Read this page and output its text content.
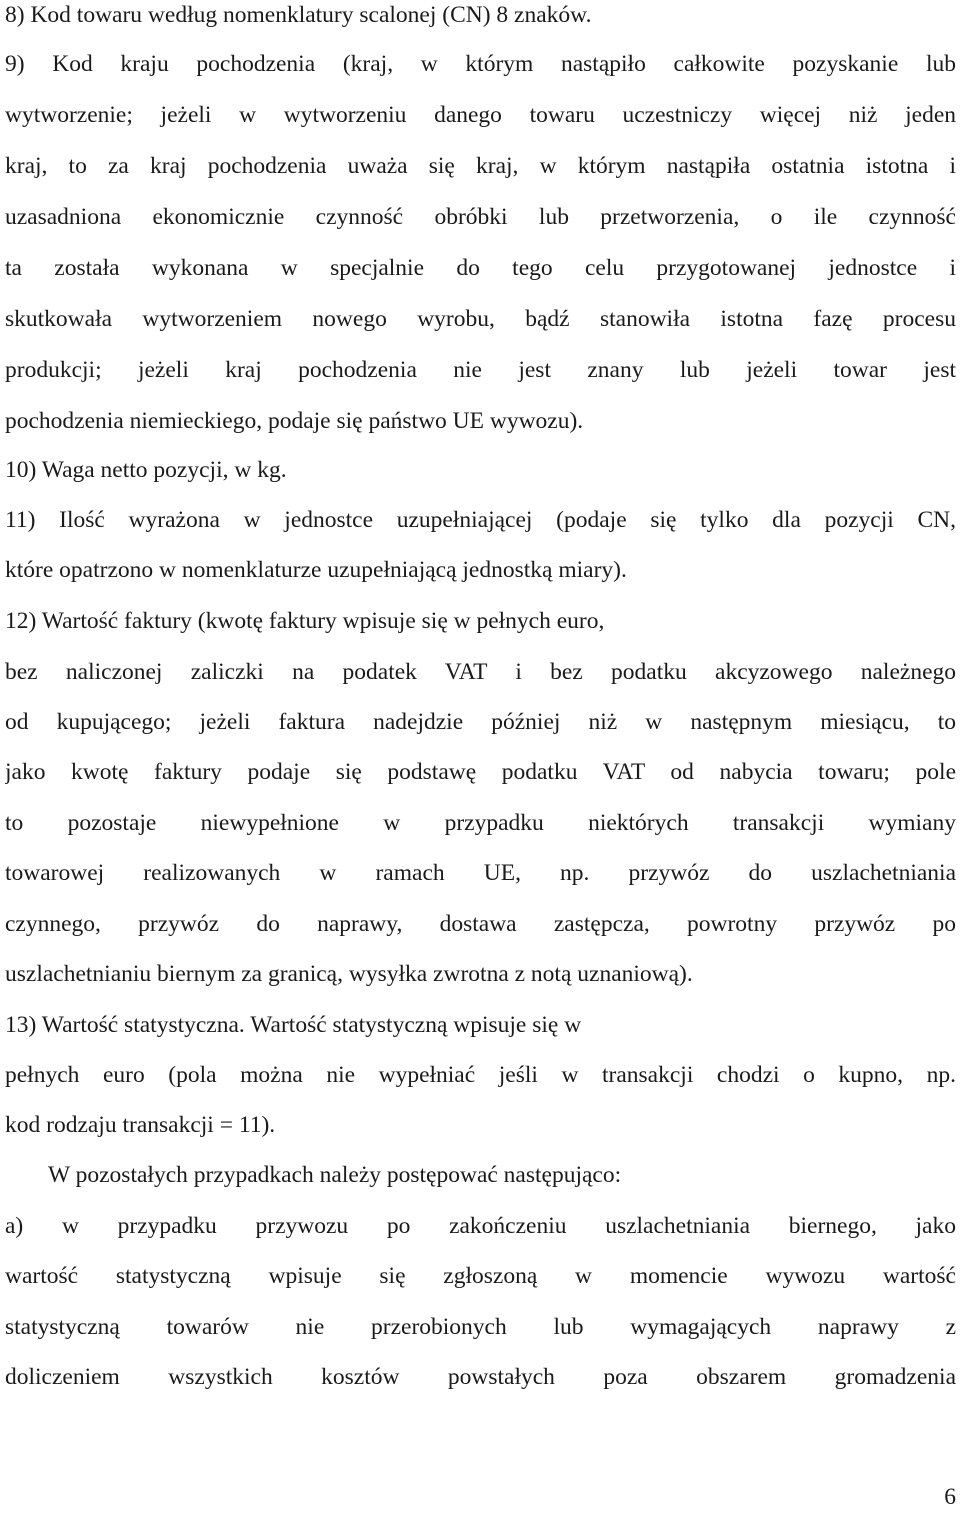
8) Kod towaru według nomenklatury scalonej (CN) 8 znaków.
9) Kod kraju pochodzenia (kraj, w którym nastąpiło całkowite pozyskanie lub
wytworzenie; jeżeli w wytworzeniu danego towaru uczestniczy więcej niż jeden
kraj, to za kraj pochodzenia uważa się kraj, w którym nastąpiła ostatnia istotna i
uzasadniona ekonomicznie czynność obróbki lub przetworzenia, o ile czynność
ta została wykonana w specjalnie do tego celu przygotowanej jednostce i
skutkowała wytworzeniem nowego wyrobu, bądź stanowiła istotna fazę procesu
produkcji; jeżeli kraj pochodzenia nie jest znany lub jeżeli towar jest
pochodzenia niemieckiego, podaje się państwo UE wywozu).
10) Waga netto pozycji, w kg.
11) Ilość wyrażona w jednostce uzupełniającej (podaje się tylko dla pozycji CN,
które opatrzono w nomenklaturze uzupełniającą jednostką miary).
12) Wartość faktury (kwotę faktury wpisuje się w pełnych euro,
bez naliczonej zaliczki na podatek VAT i bez podatku akcyzowego należnego
od kupującego; jeżeli faktura nadejdzie później niż w następnym miesiącu, to
jako kwotę faktury podaje się podstawę podatku VAT od nabycia towaru; pole
to pozostaje niewypełnione w przypadku niektórych transakcji wymiany
towarowej realizowanych w ramach UE, np. przywóz do uszlachetniania
czynnego, przywóz do naprawy, dostawa zastępcza, powrotny przywóz po
uszlachetnianiu biernym za granicą, wysyłka zwrotna z notą uznaniową).
13) Wartość statystyczna. Wartość statystyczną wpisuje się w
pełnych euro (pola można nie wypełniać jeśli w transakcji chodzi o kupno, np.
kod rodzaju transakcji = 11).
W pozostałych przypadkach należy postępować następująco:
a) w przypadku przywozu po zakończeniu uszlachetniania biernego, jako
wartość statystyczną wpisuje się zgłoszoną w momencie wywozu wartość
statystyczną towarów nie przerobionych lub wymagających naprawy z
doliczeniem wszystkich kosztów powstałych poza obszarem gromadzenia
6
